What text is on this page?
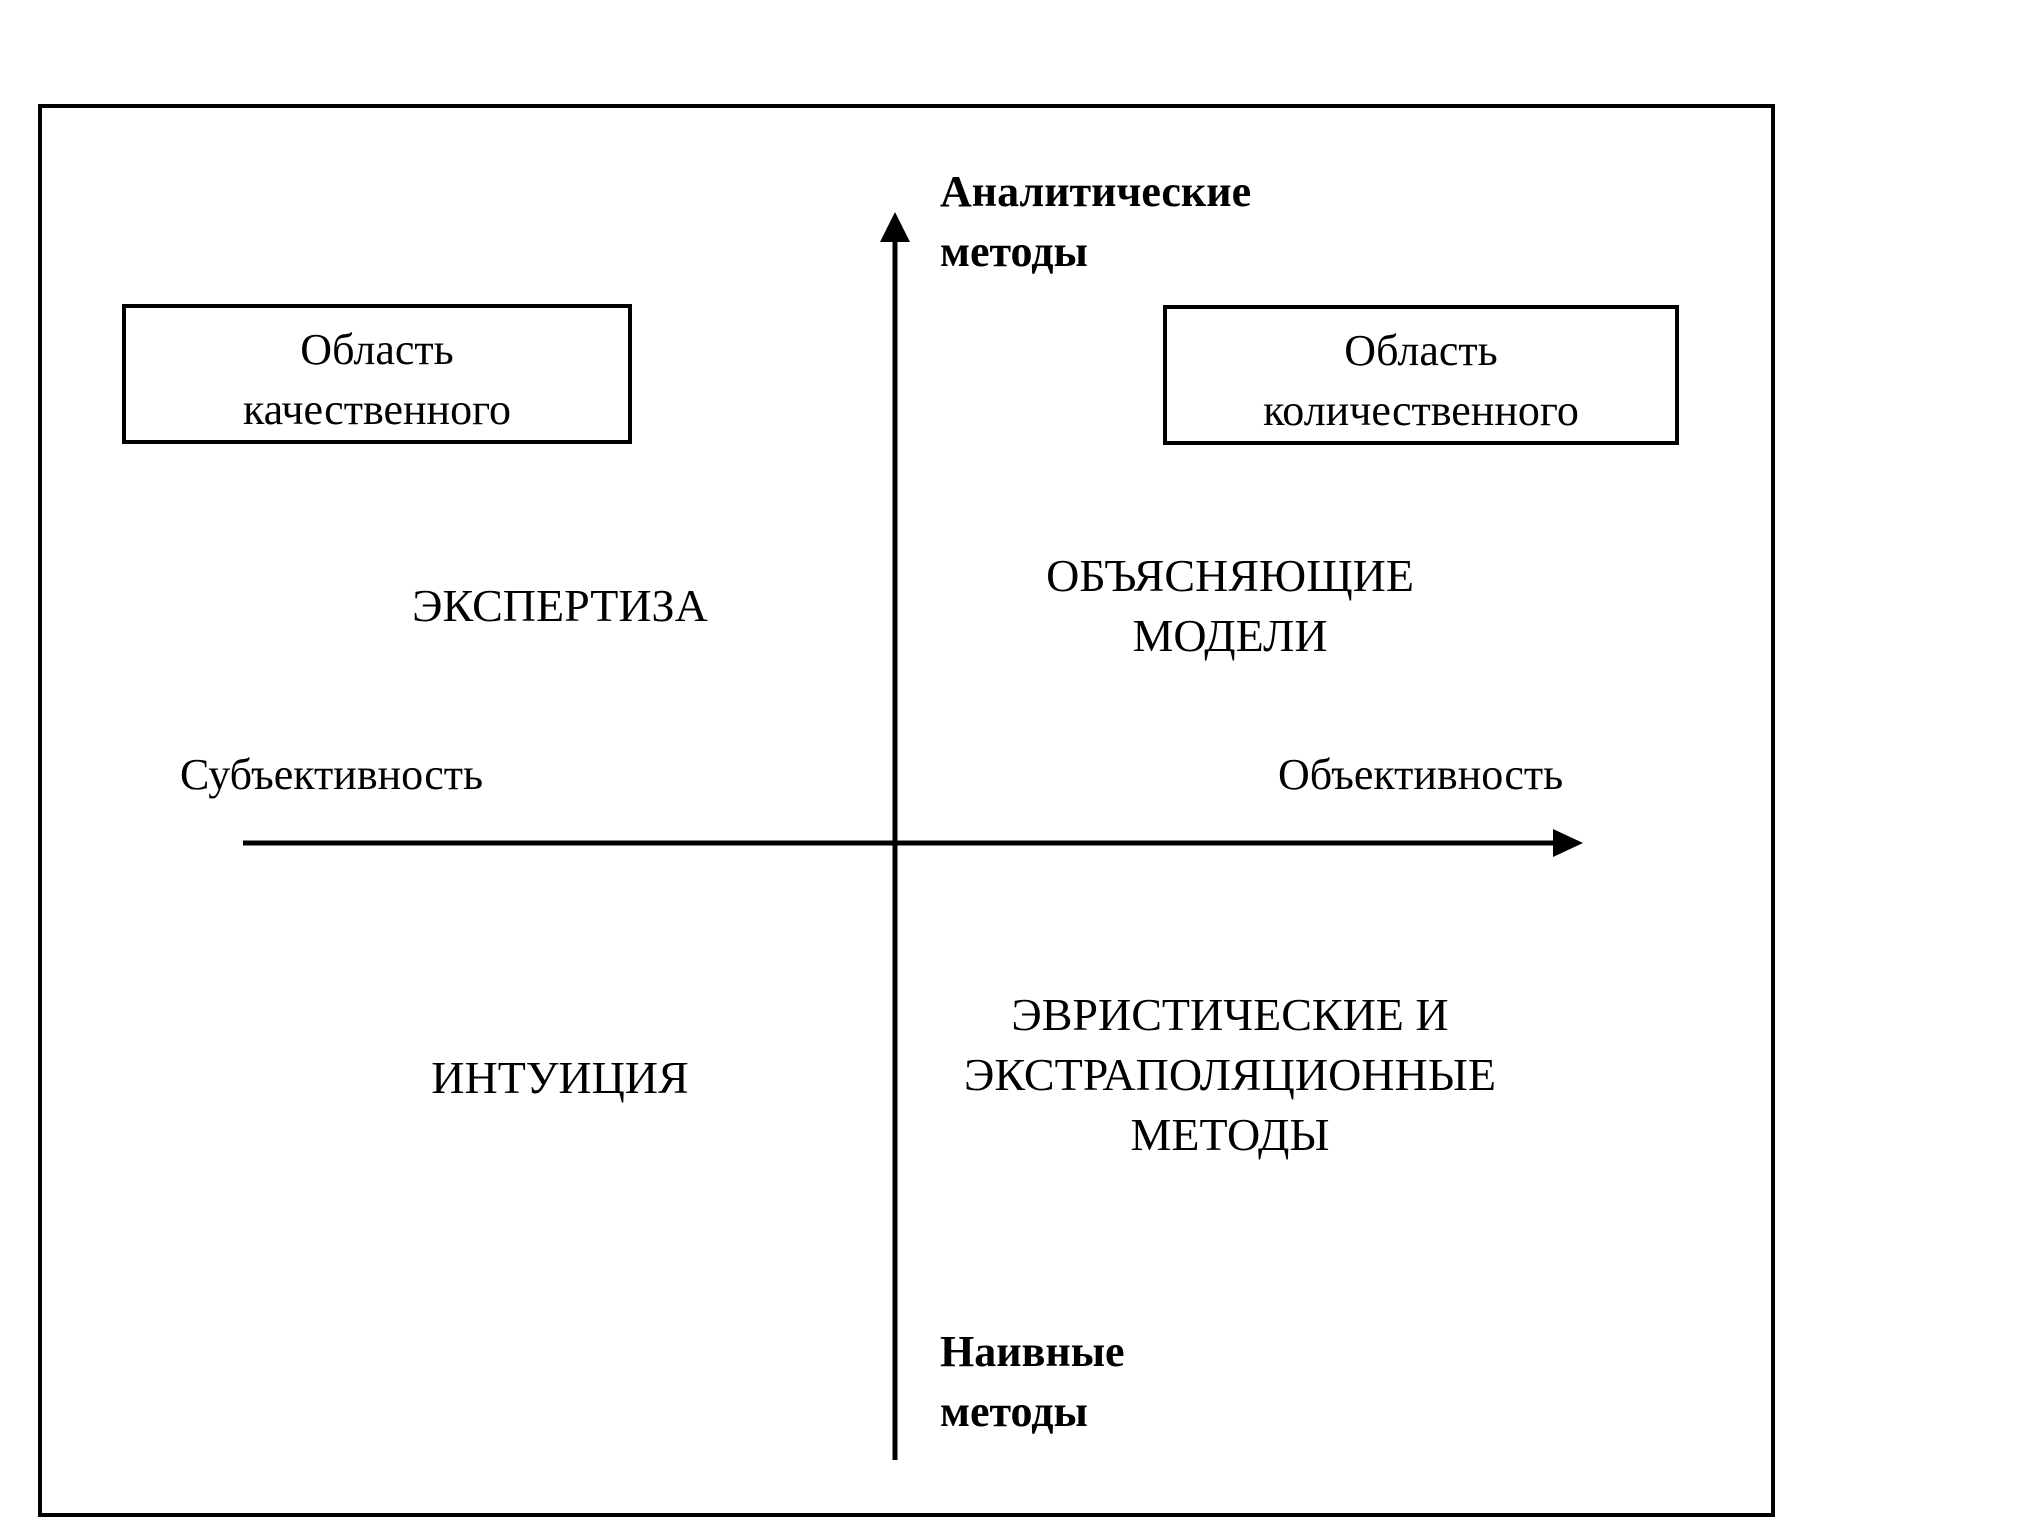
Аналитические
методы
Наивные
методы
Субъективность	Объективность
Область
качественного
Область
количественного
ЭКСПЕРТИЗА
ОБЪЯСНЯЮЩИЕ
МОДЕЛИ
ИНТУИЦИЯ
ЭВРИСТИЧЕСКИЕ И
ЭКСТРАПОЛЯЦИОННЫЕ
МЕТОДЫ
